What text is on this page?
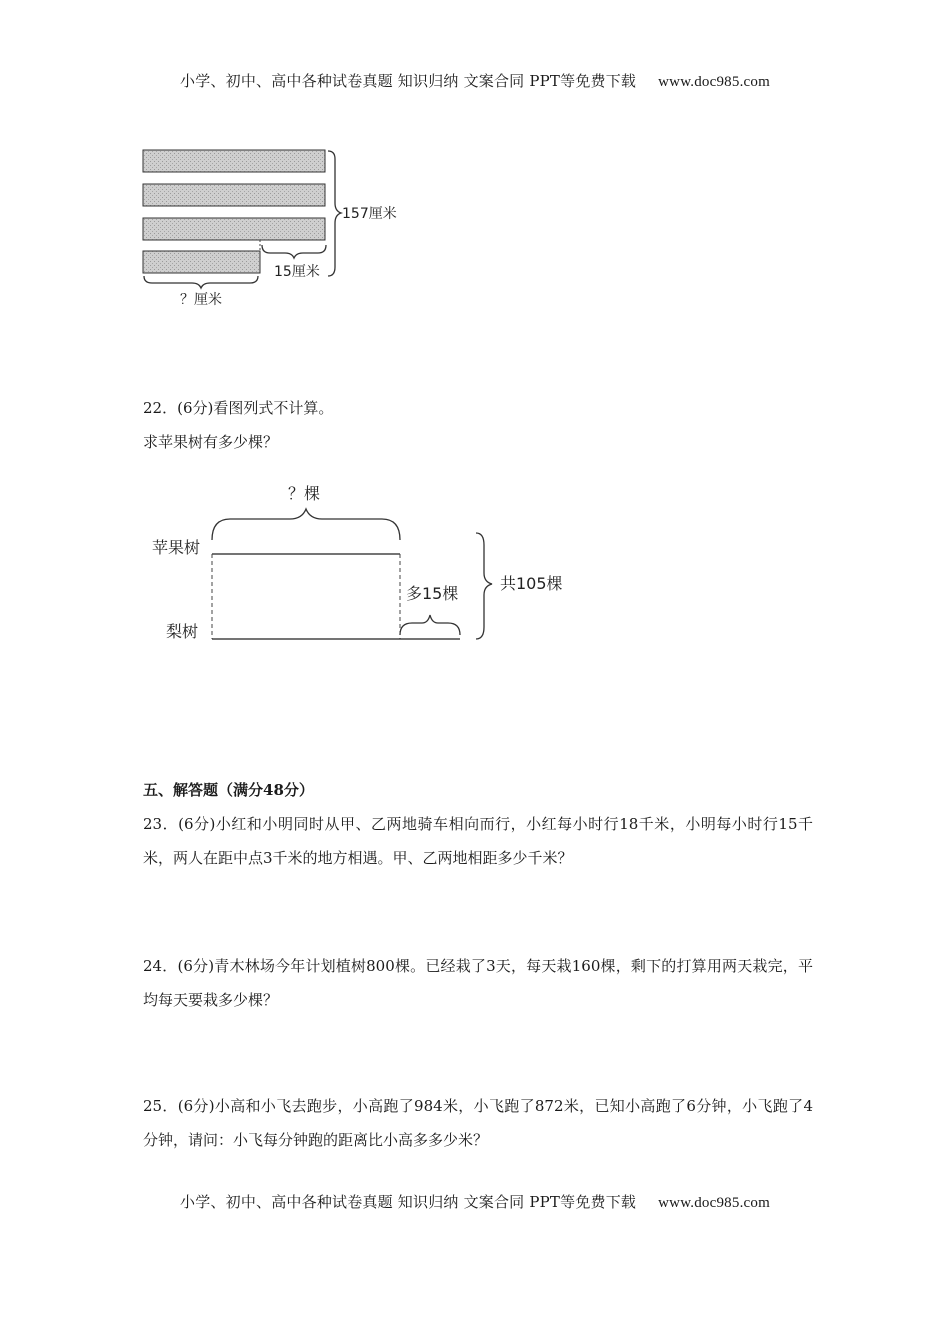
小学、初中、高中各种试卷真题 知识归纳 文案合同 PPT等免费下载 www.doc985.com
157厘米
15厘米
？厘米
22．(6分)看图列式不计算。
求苹果树有多少棵？
？棵
苹果树
梨树
多15棵
共105棵
五、解答题（满分48分）
23．(6分)小红和小明同时从甲、乙两地骑车相向而行，小红每小时行18千米，小明每小时行15千米，两人在距中点3千米的地方相遇。甲、乙两地相距多少千米？
24．(6分)青木林场今年计划植树800棵。已经栽了3天，每天栽160棵，剩下的打算用两天栽完，平均每天要栽多少棵？
25．(6分)小高和小飞去跑步，小高跑了984米，小飞跑了872米，已知小高跑了6分钟，小飞跑了4分钟，请问：小飞每分钟跑的距离比小高多多少米？
小学、初中、高中各种试卷真题 知识归纳 文案合同 PPT等免费下载 www.doc985.com
